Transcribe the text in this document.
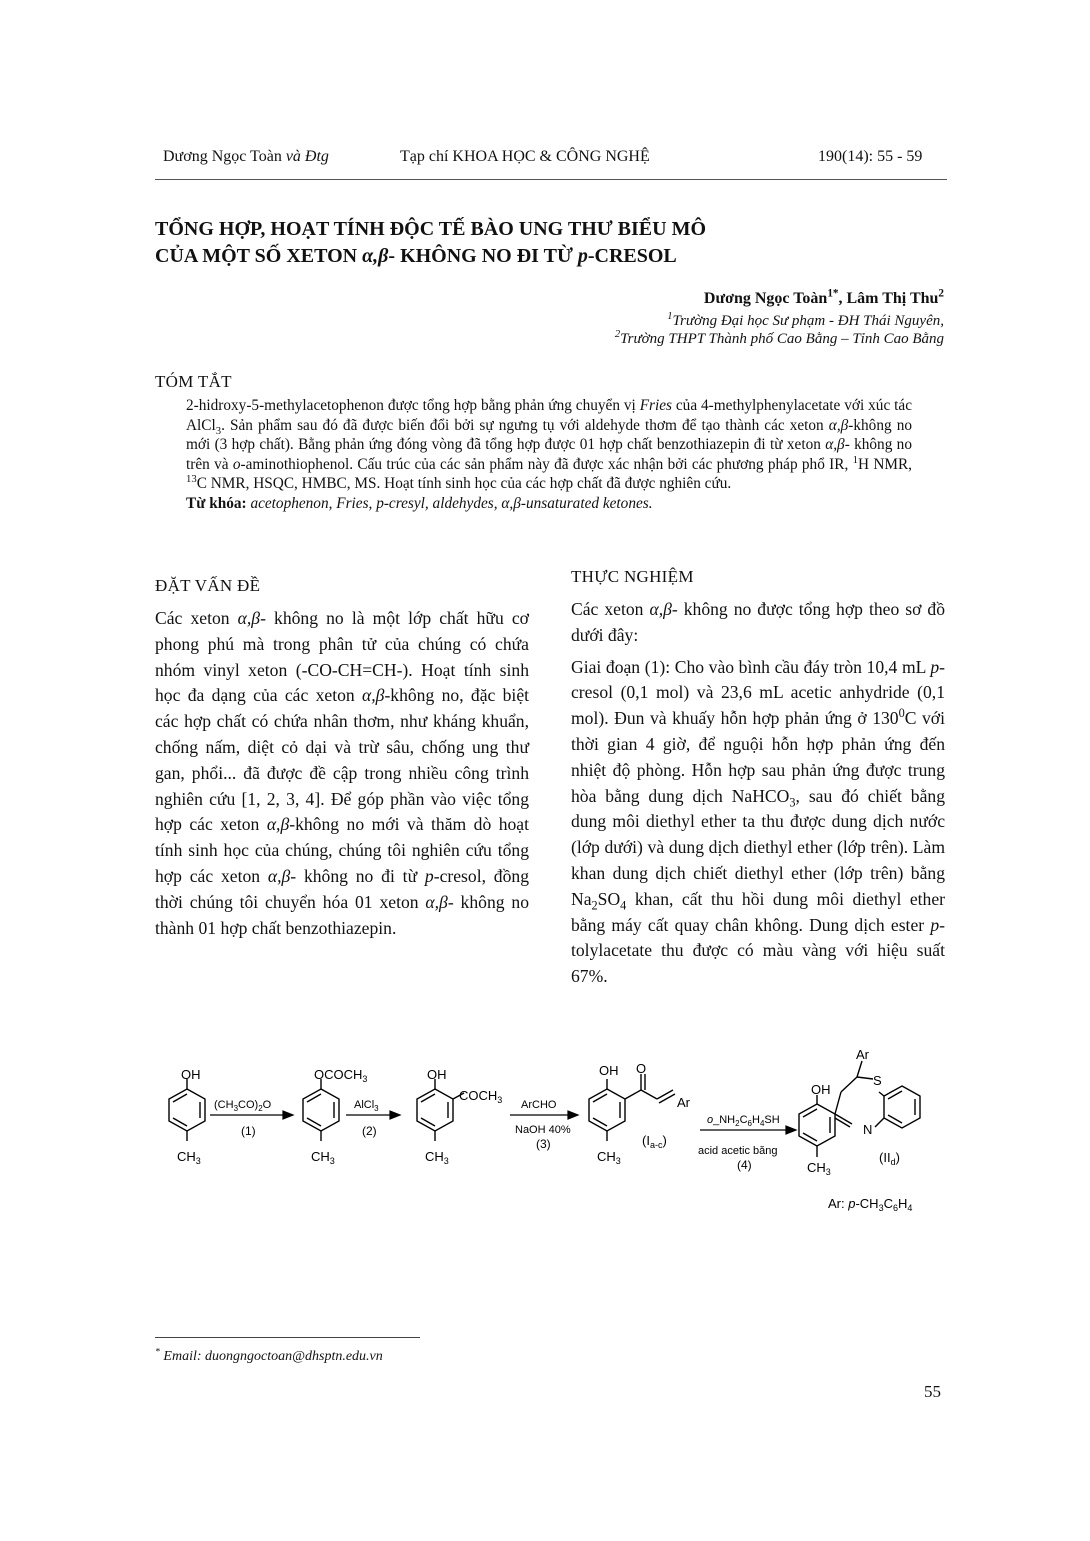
Dương Ngọc Toàn và Đtg	Tạp chí KHOA HỌC & CÔNG NGHỆ	190(14): 55 - 59
TỔNG HỢP, HOẠT TÍNH ĐỘC TẾ BÀO UNG THƯ BIỂU MÔ
CỦA MỘT SỐ XETON α,β- KHÔNG NO ĐI TỪ p-CRESOL
Dương Ngọc Toàn$^{1*}$, Lâm Thị Thu$^2$
$^1$Trường Đại học Sư phạm - ĐH Thái Nguyên,
$^2$Trường THPT Thành phố Cao Bằng – Tỉnh Cao Bằng
TÓM TẮT
2-hidroxy-5-methylacetophenon được tổng hợp bằng phản ứng chuyển vị Fries của 4-methylphenylacetate với xúc tác AlCl$_3$. Sản phẩm sau đó đã được biến đổi bởi sự ngưng tụ với aldehyde thơm để tạo thành các xeton α,β-không no mới (3 hợp chất). Bằng phản ứng đóng vòng đã tổng hợp được 01 hợp chất benzothiazepin đi từ xeton α,β- không no trên và o-aminothiophenol. Cấu trúc của các sản phẩm này đã được xác nhận bởi các phương pháp phổ IR, $^1$H NMR, $^{13}$C NMR, HSQC, HMBC, MS. Hoạt tính sinh học của các hợp chất đã được nghiên cứu.
Từ khóa: acetophenon, Fries, p-cresyl, aldehydes, α,β-unsaturated ketones.
ĐẶT VẤN ĐỀ

Các xeton α,β- không no là một lớp chất hữu cơ phong phú mà trong phân tử của chúng có chứa nhóm vinyl xeton (-CO-CH=CH-). Hoạt tính sinh học đa dạng của các xeton α,β-không no, đặc biệt các hợp chất có chứa nhân thơm, như kháng khuẩn, chống nấm, diệt cỏ dại và trừ sâu, chống ung thư gan, phổi... đã được đề cập trong nhiều công trình nghiên cứu [1, 2, 3, 4]. Để góp phần vào việc tổng hợp các xeton α,β-không no mới và thăm dò hoạt tính sinh học của chúng, chúng tôi nghiên cứu tổng hợp các xeton α,β- không no đi từ p-cresol, đồng thời chúng tôi chuyển hóa 01 xeton α,β- không no thành 01 hợp chất benzothiazepin.

THỰC NGHIỆM

Các xeton α,β- không no được tổng hợp theo sơ đồ dưới đây:

Giai đoạn (1): Cho vào bình cầu đáy tròn 10,4 mL p-cresol (0,1 mol) và 23,6 mL acetic anhydride (0,1 mol). Đun và khuấy hỗn hợp phản ứng ở $130^0C$ với thời gian 4 giờ, để nguội hỗn hợp phản ứng đến nhiệt độ phòng. Hỗn hợp sau phản ứng được trung hòa bằng dung dịch NaHCO$_3$, sau đó chiết bằng dung môi diethyl ether ta thu được dung dịch nước (lớp dưới) và dung dịch diethyl ether (lớp trên). Làm khan dung dịch chiết diethyl ether (lớp trên) bằng $Na_2SO_4$ khan, cất thu hồi dung môi diethyl ether bằng máy cất quay chân không. Dung dịch ester p-tolylacetate thu được có màu vàng với hiệu suất 67%.

OH
$CH_3$
$OCOCH_3$
$CH_3$
OH
$COCH_3$
$CH_3$
OH O
Ar
$CH_3$
$(I_{a-c})$
OH
Ar
S
N
$CH_3$
$(II_d)$
Ar: $p-CH_3C_6H_4$
$(CH_3CO)_2O$
(1)
AlCl$_3$
(2)
ArCHO
NaOH 40%
(3)
$o\_NH_2C_6H_4SH$
acid acetic băng
(4)
* Email: duongngoctoan@dhsptn.edu.vn
55
